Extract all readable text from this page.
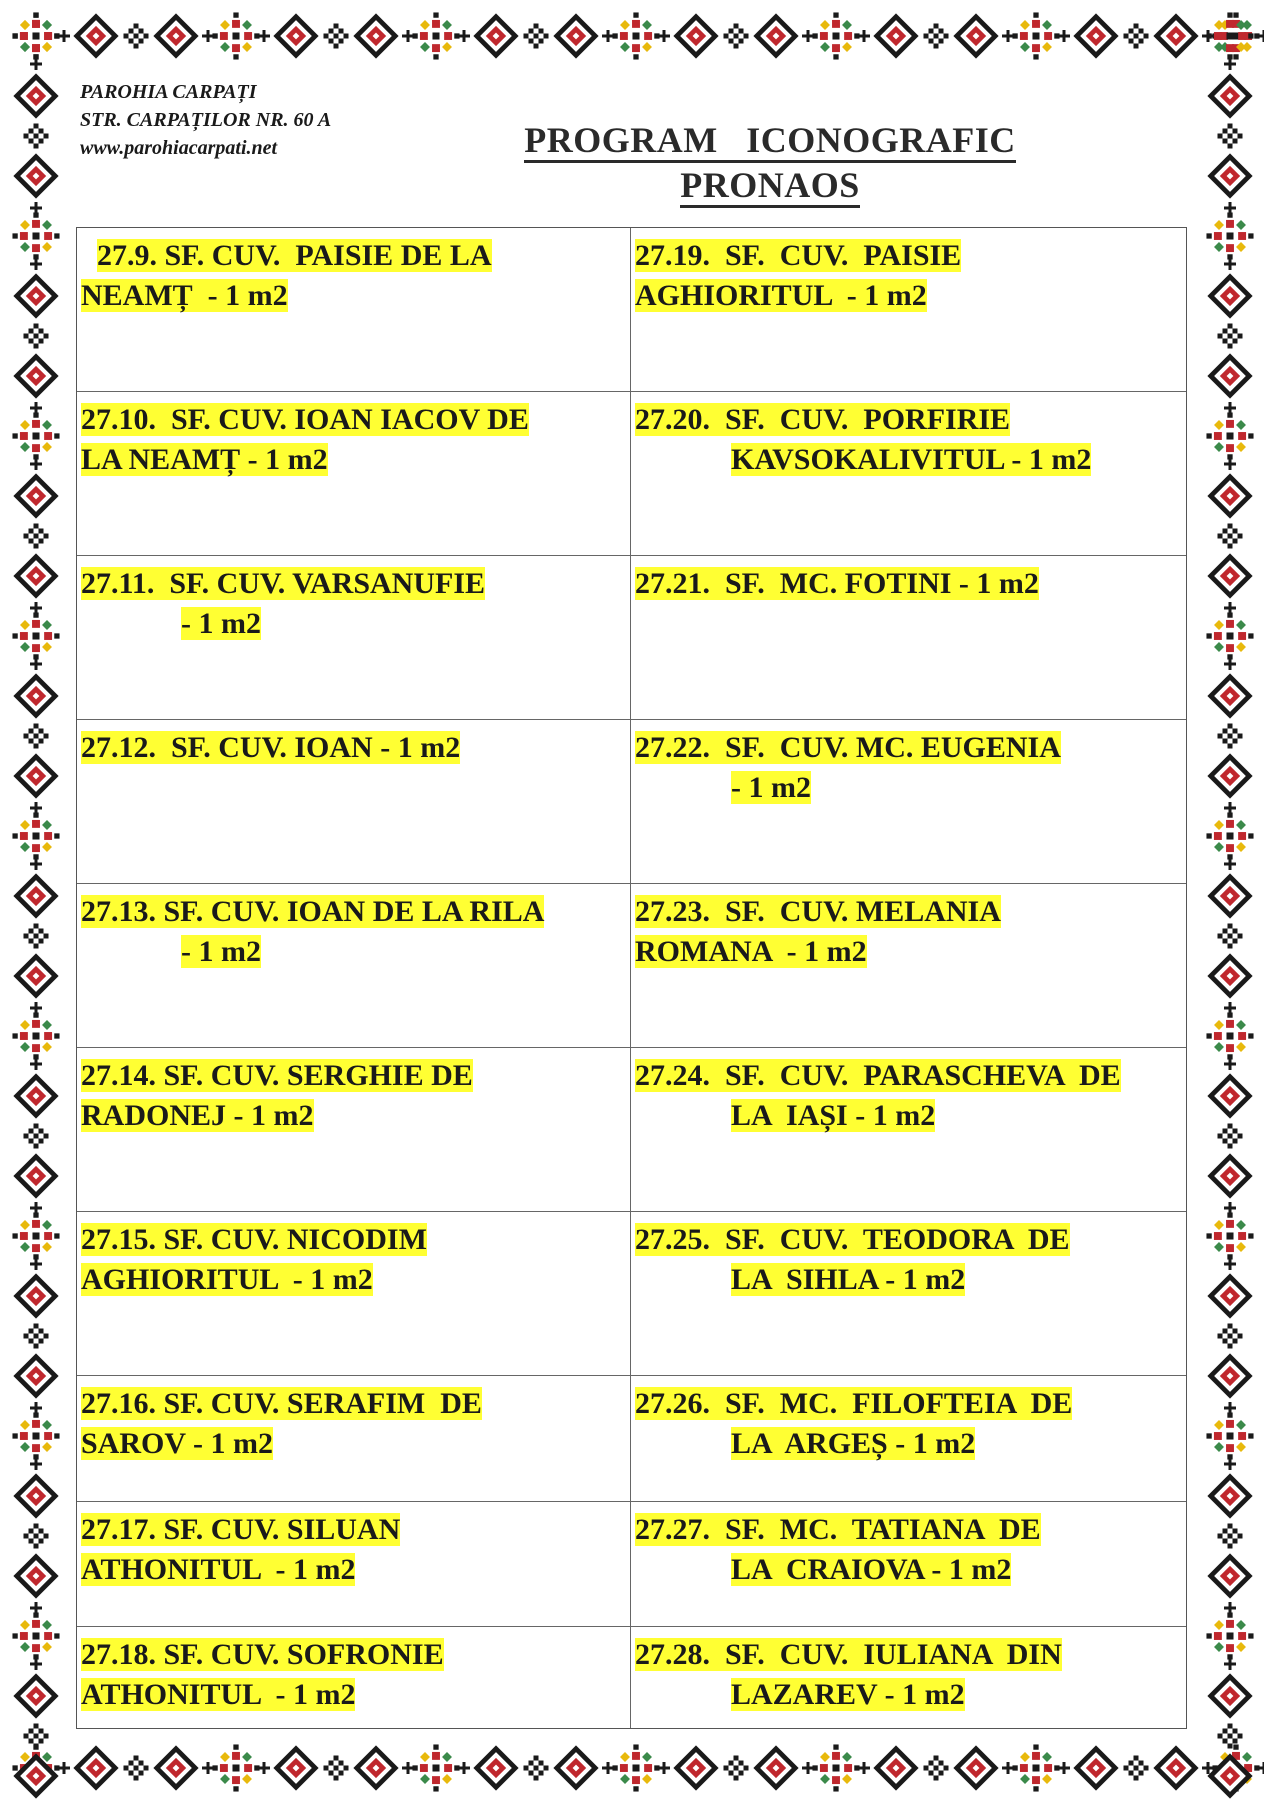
PAROHIA CARPAȚI
STR. CARPAȚILOR NR. 60 A
www.parohiacarpati.net	PROGRAM   ICONOGRAFIC
PRONAOS
27.9. SF. CUV.  PAISIE DE LA
NEAMȚ  - 1 m2
27.19.  SF.  CUV.  PAISIE
AGHIORITUL  - 1 m2
27.10.  SF. CUV. IOAN IACOV DE
LA NEAMȚ - 1 m2
27.20.  SF.  CUV.  PORFIRIE
KAVSOKALIVITUL - 1 m2
27.11.  SF. CUV. VARSANUFIE
- 1 m2
27.21.  SF.  MC. FOTINI - 1 m2
27.12.  SF. CUV. IOAN - 1 m2	27.22.  SF.  CUV. MC. EUGENIA
- 1 m2
27.13. SF. CUV. IOAN DE LA RILA
- 1 m2
27.23.  SF.  CUV. MELANIA
ROMANA  - 1 m2
27.14. SF. CUV. SERGHIE DE
RADONEJ - 1 m2
27.24.  SF.  CUV.  PARASCHEVA  DE
LA  IAȘI - 1 m2
27.15. SF. CUV. NICODIM
AGHIORITUL  - 1 m2
27.25.  SF.  CUV.  TEODORA  DE
LA  SIHLA - 1 m2
27.16. SF. CUV. SERAFIM  DE
SAROV - 1 m2
27.26.  SF.  MC.  FILOFTEIA  DE
LA  ARGEȘ - 1 m2
27.17. SF. CUV. SILUAN
ATHONITUL  - 1 m2
27.27.  SF.  MC.  TATIANA  DE
LA  CRAIOVA - 1 m2
27.18. SF. CUV. SOFRONIE
ATHONITUL  - 1 m2
27.28.  SF.  CUV.  IULIANA  DIN
LAZAREV - 1 m2
